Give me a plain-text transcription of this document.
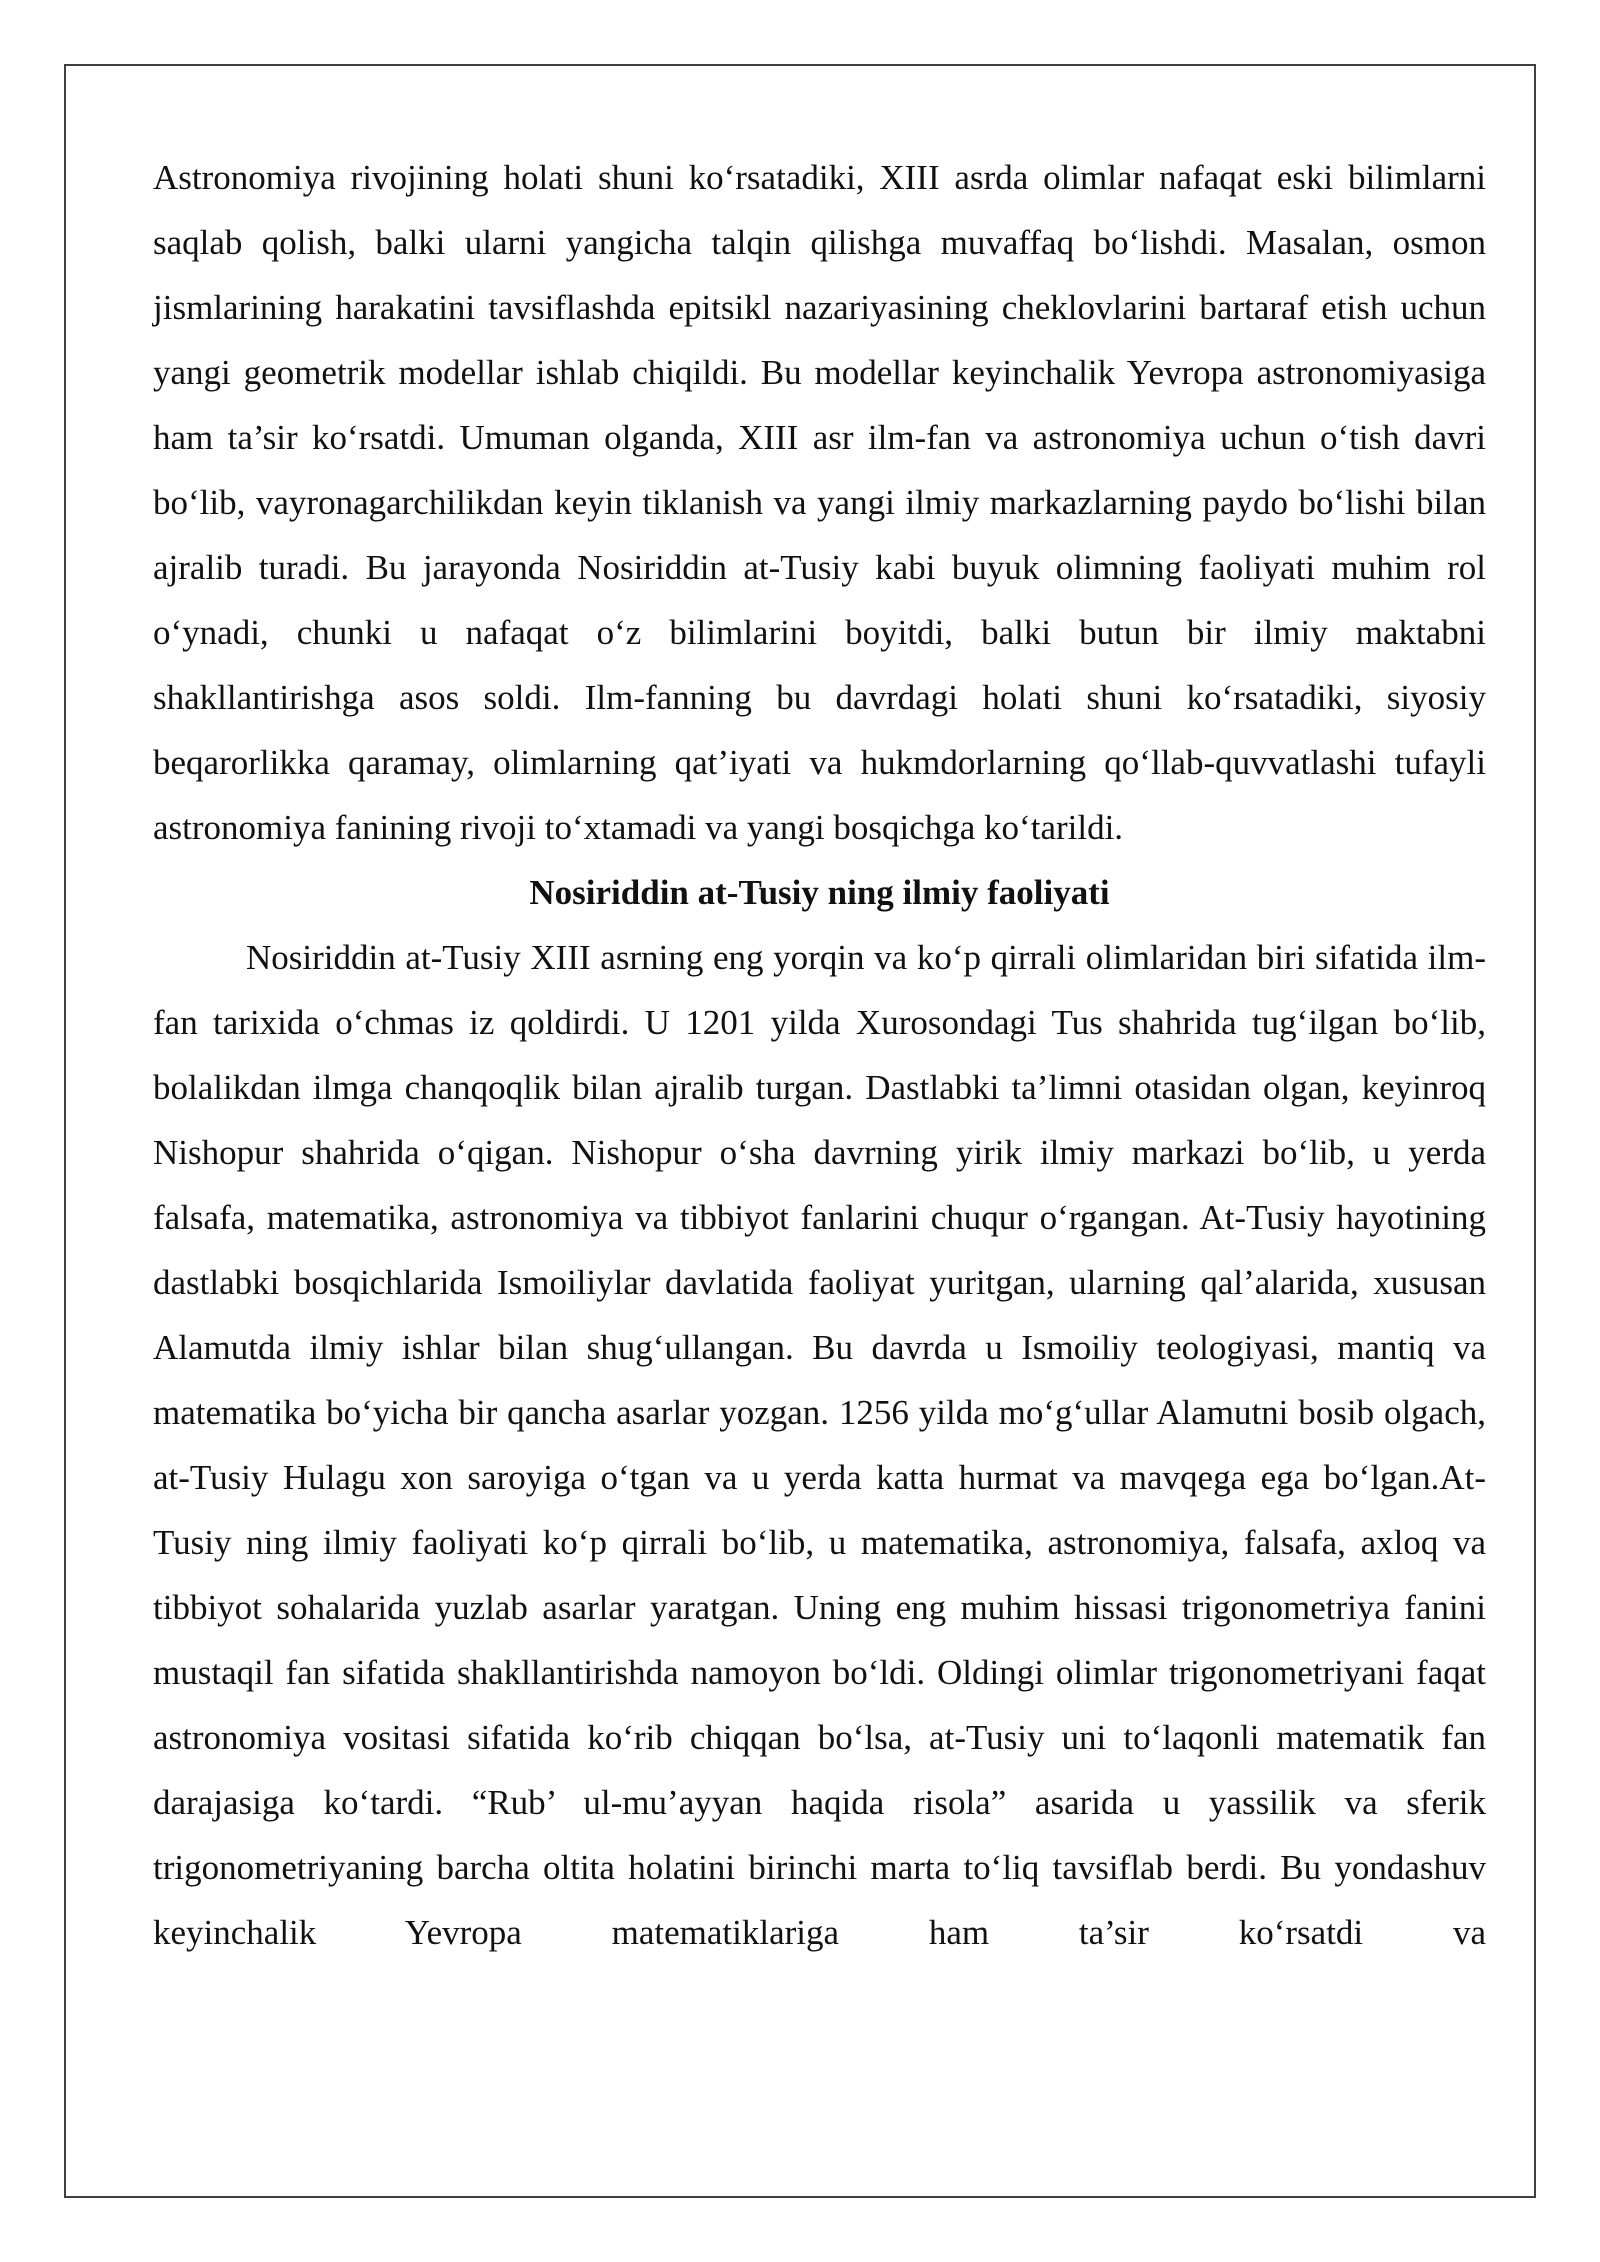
Astronomiya rivojining holati shuni ko‘rsatadiki, XIII asrda olimlar nafaqat eski bilimlarni saqlab qolish, balki ularni yangicha talqin qilishga muvaffaq bo‘lishdi. Masalan, osmon jismlarining harakatini tavsiflashda epitsikl nazariyasining cheklovlarini bartaraf etish uchun yangi geometrik modellar ishlab chiqildi. Bu modellar keyinchalik Yevropa astronomiyasiga ham ta’sir ko‘rsatdi. Umuman olganda, XIII asr ilm-fan va astronomiya uchun o‘tish davri bo‘lib, vayronagarchilikdan keyin tiklanish va yangi ilmiy markazlarning paydo bo‘lishi bilan ajralib turadi. Bu jarayonda Nosiriddin at-Tusiy kabi buyuk olimning faoliyati muhim rol o‘ynadi, chunki u nafaqat o‘z bilimlarini boyitdi, balki butun bir ilmiy maktabni shakllantirishga asos soldi. Ilm-fanning bu davrdagi holati shuni ko‘rsatadiki, siyosiy beqarorlikka qaramay, olimlarning qat’iyati va hukmdorlarning qo‘llab-quvvatlashi tufayli astronomiya fanining rivoji to‘xtamadi va yangi bosqichga ko‘tarildi.

Nosiriddin at-Tusiy ning ilmiy faoliyati

Nosiriddin at-Tusiy XIII asrning eng yorqin va ko‘p qirrali olimlaridan biri sifatida ilm-fan tarixida o‘chmas iz qoldirdi. U 1201 yilda Xurosondagi Tus shahrida tug‘ilgan bo‘lib, bolalikdan ilmga chanqoqlik bilan ajralib turgan. Dastlabki ta’limni otasidan olgan, keyinroq Nishopur shahrida o‘qigan. Nishopur o‘sha davrning yirik ilmiy markazi bo‘lib, u yerda falsafa, matematika, astronomiya va tibbiyot fanlarini chuqur o‘rgangan. At-Tusiy hayotining dastlabki bosqichlarida Ismoiliylar davlatida faoliyat yuritgan, ularning qal’alarida, xususan Alamutda ilmiy ishlar bilan shug‘ullangan. Bu davrda u Ismoiliy teologiyasi, mantiq va matematika bo‘yicha bir qancha asarlar yozgan. 1256 yilda mo‘g‘ullar Alamutni bosib olgach, at-Tusiy Hulagu xon saroyiga o‘tgan va u yerda katta hurmat va mavqega ega bo‘lgan.At-Tusiy ning ilmiy faoliyati ko‘p qirrali bo‘lib, u matematika, astronomiya, falsafa, axloq va tibbiyot sohalarida yuzlab asarlar yaratgan. Uning eng muhim hissasi trigonometriya fanini mustaqil fan sifatida shakllantirishda namoyon bo‘ldi. Oldingi olimlar trigonometriyani faqat astronomiya vositasi sifatida ko‘rib chiqqan bo‘lsa, at-Tusiy uni to‘laqonli matematik fan darajasiga ko‘tardi. “Rub’ ul-mu’ayyan haqida risola” asarida u yassilik va sferik trigonometriyaning barcha oltita holatini birinchi marta to‘liq tavsiflab berdi. Bu yondashuv keyinchalik Yevropa matematiklariga ham ta’sir ko‘rsatdi va
